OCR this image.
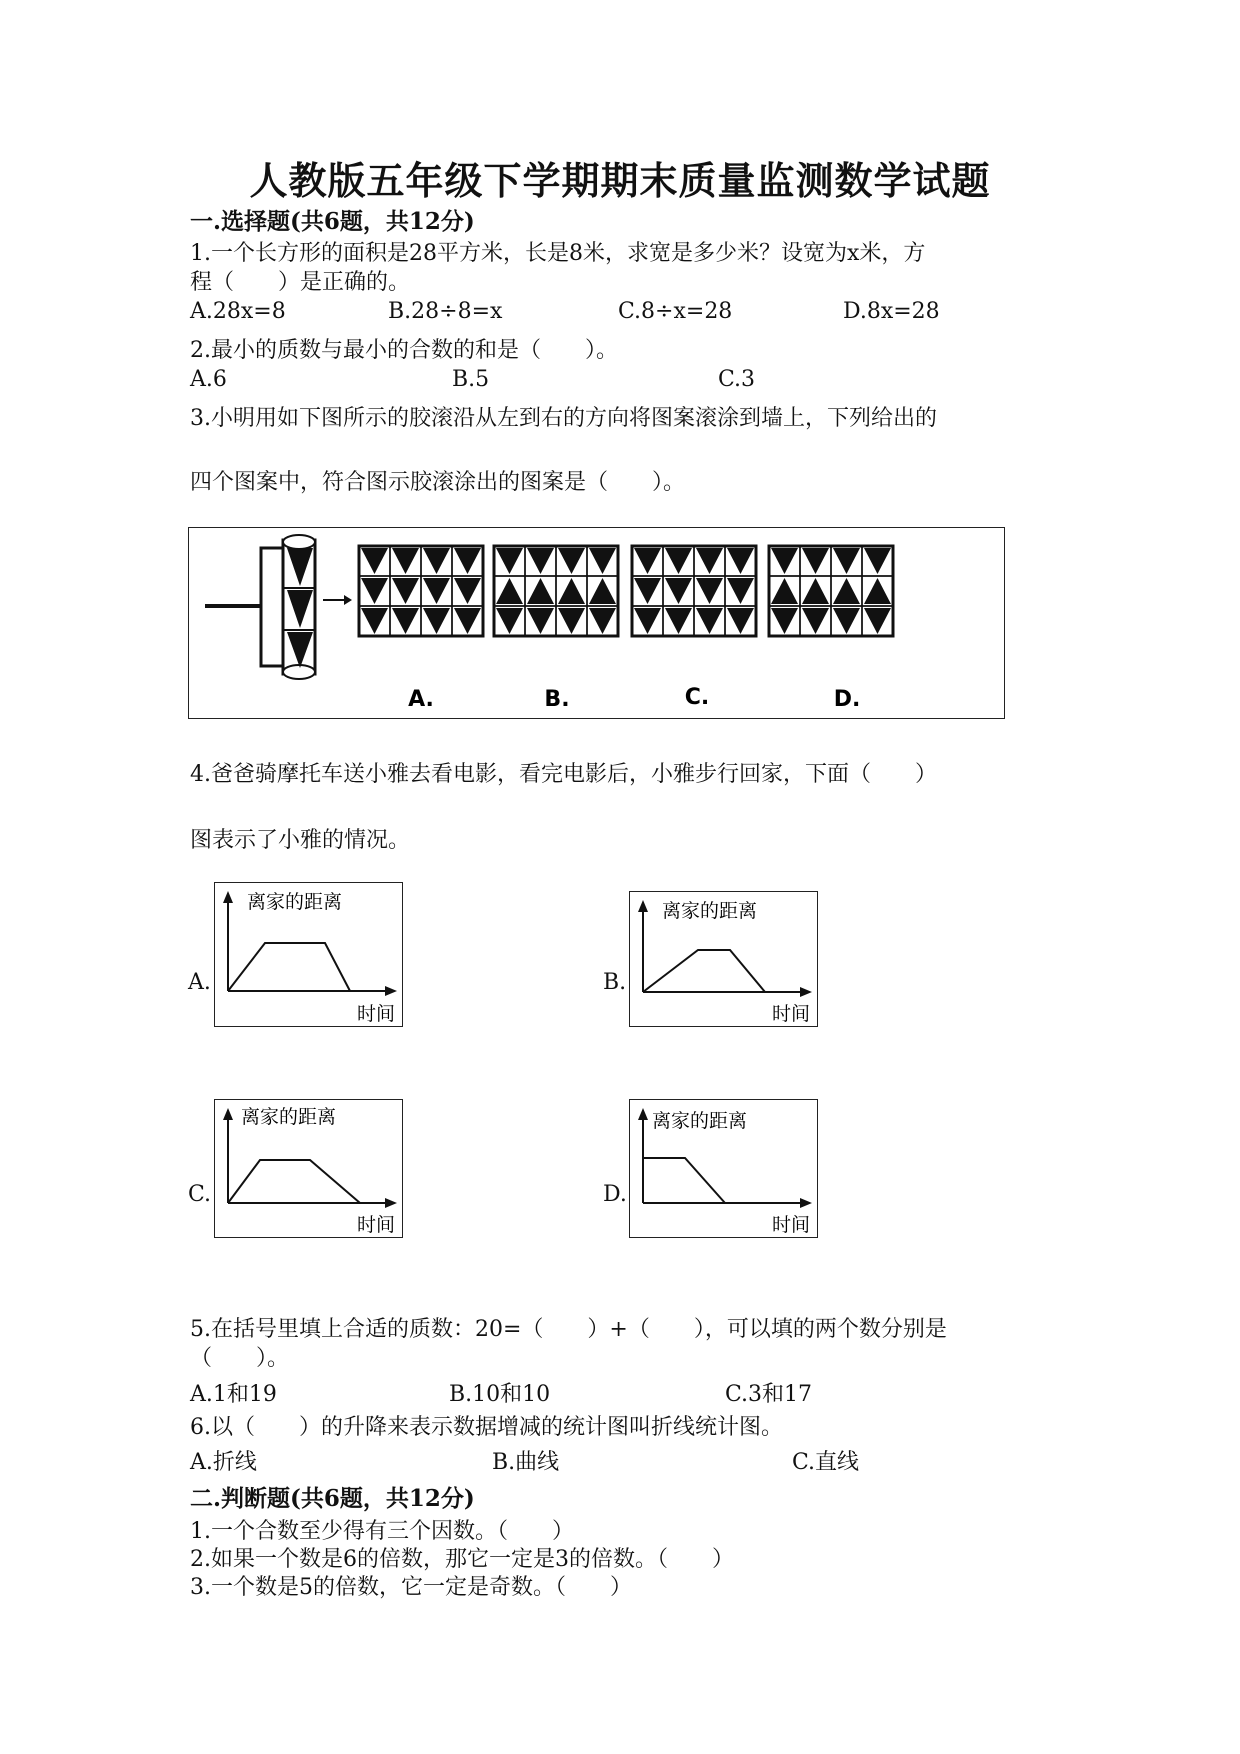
人教版五年级下学期期末质量监测数学试题
一.选择题(共6题，共12分)
1.一个长方形的面积是28平方米，长是8米，求宽是多少米？设宽为x米，方
程（　　）是正确的。
A.28x=8	B.28÷8=x	C.8÷x=28	D.8x=28
2.最小的质数与最小的合数的和是（　　）。
A.6	B.5	C.3
3.小明用如下图所示的胶滚沿从左到右的方向将图案滚涂到墙上，下列给出的
四个图案中，符合图示胶滚涂出的图案是（　　）。
A.	B.	C.	D.
4.爸爸骑摩托车送小雅去看电影，看完电影后，小雅步行回家，下面（　　）
图表示了小雅的情况。
A.
离家的距离
时间
B.
离家的距离
时间
C.
离家的距离
时间
D.
离家的距离
时间
5.在括号里填上合适的质数：20=（　　）+（　　），可以填的两个数分别是
（　　）。
A.1和19	B.10和10	C.3和17
6.以（　　）的升降来表示数据增减的统计图叫折线统计图。
A.折线	B.曲线	C.直线
二.判断题(共6题，共12分)
1.一个合数至少得有三个因数。（　　）
2.如果一个数是6的倍数，那它一定是3的倍数。（　　）
3.一个数是5的倍数，它一定是奇数。（　　）
